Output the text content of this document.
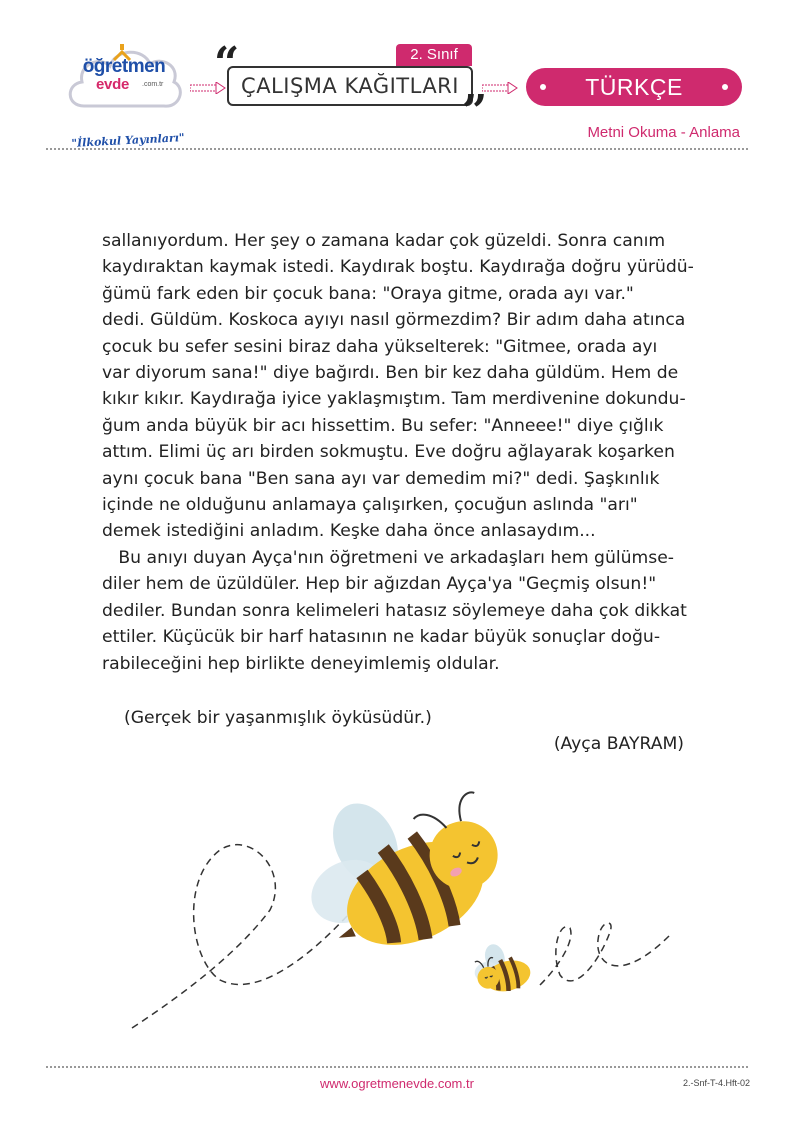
öğretmen
evde .com.tr
"İlkokul Yayınları"
“	2. Sınıf
ÇALIŞMA KAĞITLARI ”	TÜRKÇE
Metni Okuma - Anlama
sallanıyordum. Her şey o zamana kadar çok güzeldi. Sonra canım
kaydıraktan kaymak istedi. Kaydırak boştu. Kaydırağa doğru yürüdü-
ğümü fark eden bir çocuk bana: "Oraya gitme, orada ayı var."
dedi. Güldüm. Koskoca ayıyı nasıl görmezdim? Bir adım daha atınca
çocuk bu sefer sesini biraz daha yükselterek: "Gitmee, orada ayı
var diyorum sana!" diye bağırdı. Ben bir kez daha güldüm. Hem de
kıkır kıkır. Kaydırağa iyice yaklaşmıştım. Tam merdivenine dokundu-
ğum anda büyük bir acı hissettim. Bu sefer: "Anneee!" diye çığlık
attım. Elimi üç arı birden sokmuştu. Eve doğru ağlayarak koşarken
aynı çocuk bana "Ben sana ayı var demedim mi?" dedi. Şaşkınlık
içinde ne olduğunu anlamaya çalışırken, çocuğun aslında "arı"
demek istediğini anladım. Keşke daha önce anlasaydım...
Bu anıyı duyan Ayça'nın öğretmeni ve arkadaşları hem gülümse-
diler hem de üzüldüler. Hep bir ağızdan Ayça'ya "Geçmiş olsun!"
dediler. Bundan sonra kelimeleri hatasız söylemeye daha çok dikkat
ettiler. Küçücük bir harf hatasının ne kadar büyük sonuçlar doğu-
rabileceğini hep birlikte deneyimlemiş oldular.
(Gerçek bir yaşanmışlık öyküsüdür.)
(Ayça BAYRAM)
www.ogretmenevde.com.tr	2.-Snf-T-4.Hft-02
